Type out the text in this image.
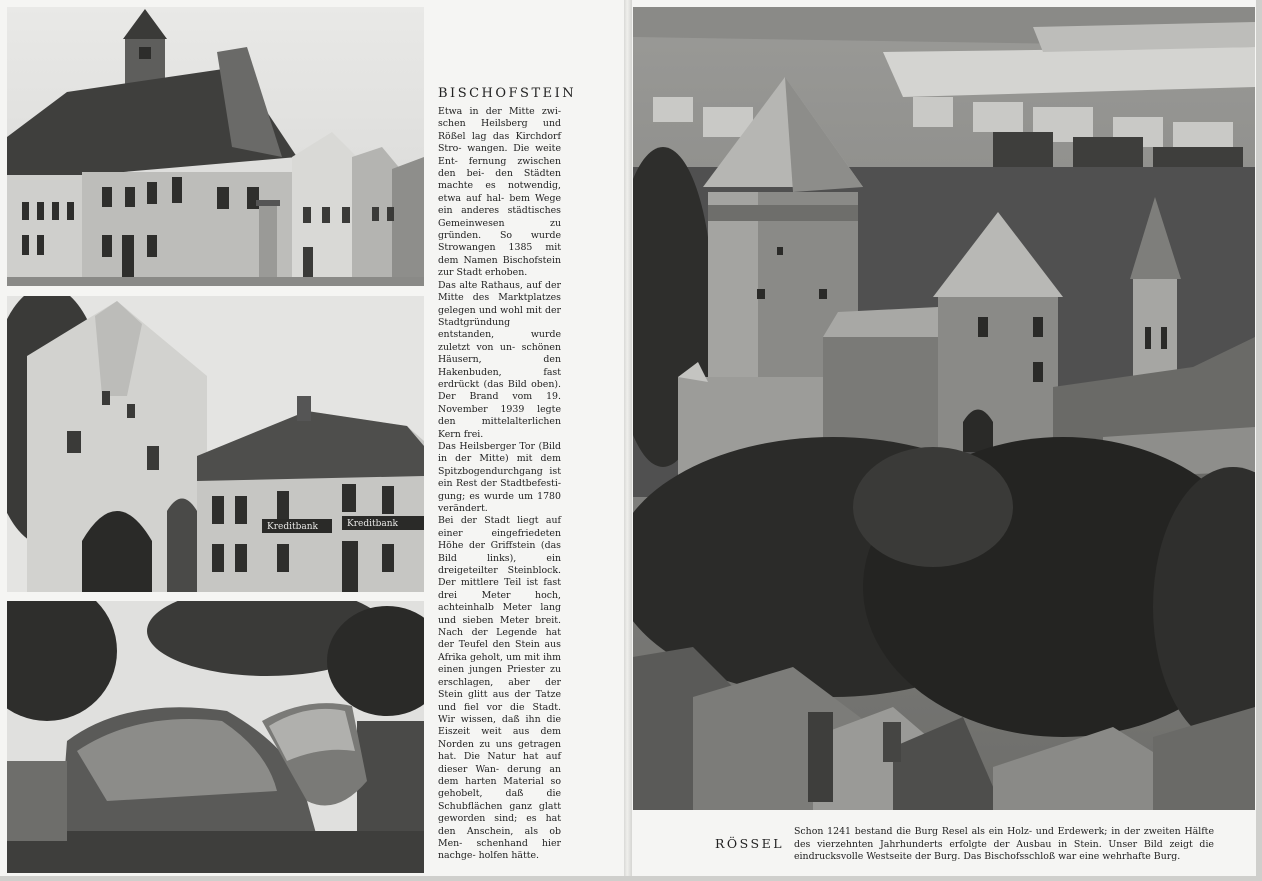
Kreditbank	Kreditbank
BISCHOFSTEIN

Etwa in der Mitte zwi- schen Heilsberg und Rößel lag das Kirchdorf Stro- wangen. Die weite Ent- fernung zwischen den bei- den Städten machte es notwendig, etwa auf hal- bem Wege ein anderes städtisches Gemeinwesen zu gründen. So wurde Strowangen 1385 mit dem Namen Bischofstein zur Stadt erhoben.

Das alte Rathaus, auf der Mitte des Marktplatzes gelegen und wohl mit der Stadtgründung entstanden, wurde zuletzt von un- schönen Häusern, den Hakenbuden, fast erdrückt (das Bild oben). Der Brand vom 19. November 1939 legte den mittelalterlichen Kern frei.

Das Heilsberger Tor (Bild in der Mitte) mit dem Spitzbogendurchgang ist ein Rest der Stadtbefesti- gung; es wurde um 1780 verändert.

Bei der Stadt liegt auf einer eingefriedeten Höhe der Griffstein (das Bild links), ein dreigeteilter Steinblock. Der mittlere Teil ist fast drei Meter hoch, achteinhalb Meter lang und sieben Meter breit. Nach der Legende hat der Teufel den Stein aus Afrika geholt, um mit ihm einen jungen Priester zu erschlagen, aber der Stein glitt aus der Tatze und fiel vor die Stadt. Wir wissen, daß ihn die Eiszeit weit aus dem Norden zu uns getragen hat. Die Natur hat auf dieser Wan- derung an dem harten Material so gehobelt, daß die Schubflächen ganz glatt geworden sind; es hat den Anschein, als ob Men- schenhand hier nachge- holfen hätte.

RÖSSEL
Schon 1241 bestand die Burg Resel als ein Holz- und Erdewerk; in der zweiten Hälfte des vierzehnten Jahrhunderts erfolgte der Ausbau in Stein. Unser Bild zeigt die eindrucksvolle Westseite der Burg. Das Bischofsschloß war eine wehrhafte Burg.
